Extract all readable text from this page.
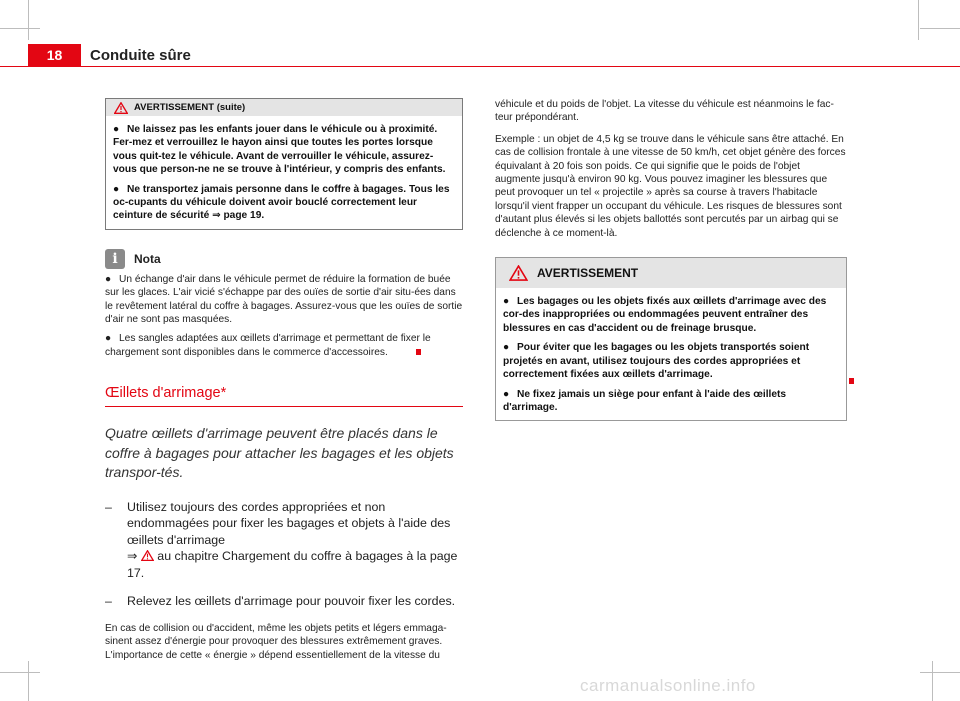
18	Conduite sûre
AVERTISSEMENT (suite)

● Ne laissez pas les enfants jouer dans le véhicule ou à proximité. Fer-mez et verrouillez le hayon ainsi que toutes les portes lorsque vous quit-tez le véhicule. Avant de verrouiller le véhicule, assurez-vous que person-ne ne se trouve à l'intérieur, y compris des enfants.

● Ne transportez jamais personne dans le coffre à bagages. Tous les oc-cupants du véhicule doivent avoir bouclé correctement leur ceinture de sécurité ⇒ page 19.

i	Nota

● Un échange d'air dans le véhicule permet de réduire la formation de buée sur les glaces. L'air vicié s'échappe par des ouïes de sortie d'air situ-ées dans le revêtement latéral du coffre à bagages. Assurez-vous que les ouïes de sortie d'air ne sont pas masquées.

● Les sangles adaptées aux œillets d'arrimage et permettant de fixer le chargement sont disponibles dans le commerce d'accessoires.

Œillets d'arrimage*
Quatre œillets d'arrimage peuvent être placés dans le coffre à bagages pour attacher les bagages et les objets transpor-tés.
–	Utilisez toujours des cordes appropriées et non endommagées pour fixer les bagages et objets à l'aide des œillets d'arrimage
⇒ au chapitre Chargement du coffre à bagages à la page 17.
–	Relevez les œillets d'arrimage pour pouvoir fixer les cordes.

En cas de collision ou d'accident, même les objets petits et légers emmaga-sinent assez d'énergie pour provoquer des blessures extrêmement graves. L'importance de cette « énergie » dépend essentiellement de la vitesse du

véhicule et du poids de l'objet. La vitesse du véhicule est néanmoins le fac-teur prépondérant.

Exemple : un objet de 4,5 kg se trouve dans le véhicule sans être attaché. En cas de collision frontale à une vitesse de 50 km/h, cet objet génère des forces équivalant à 20 fois son poids. Ce qui signifie que le poids de l'objet augmente jusqu'à environ 90 kg. Vous pouvez imaginer les blessures que peut provoquer un tel « projectile » après sa course à travers l'habitacle lorsqu'il vient frapper un occupant du véhicule. Les risques de blessures sont d'autant plus élevés si les objets ballottés sont percutés par un airbag qui se déclenche à ce moment-là.

AVERTISSEMENT

● Les bagages ou les objets fixés aux œillets d'arrimage avec des cor-des inappropriées ou endommagées peuvent entraîner des blessures en cas d'accident ou de freinage brusque.

● Pour éviter que les bagages ou les objets transportés soient projetés en avant, utilisez toujours des cordes appropriées et correctement fixées aux œillets d'arrimage.

● Ne fixez jamais un siège pour enfant à l'aide des œillets d'arrimage.

carmanualsonline.info
